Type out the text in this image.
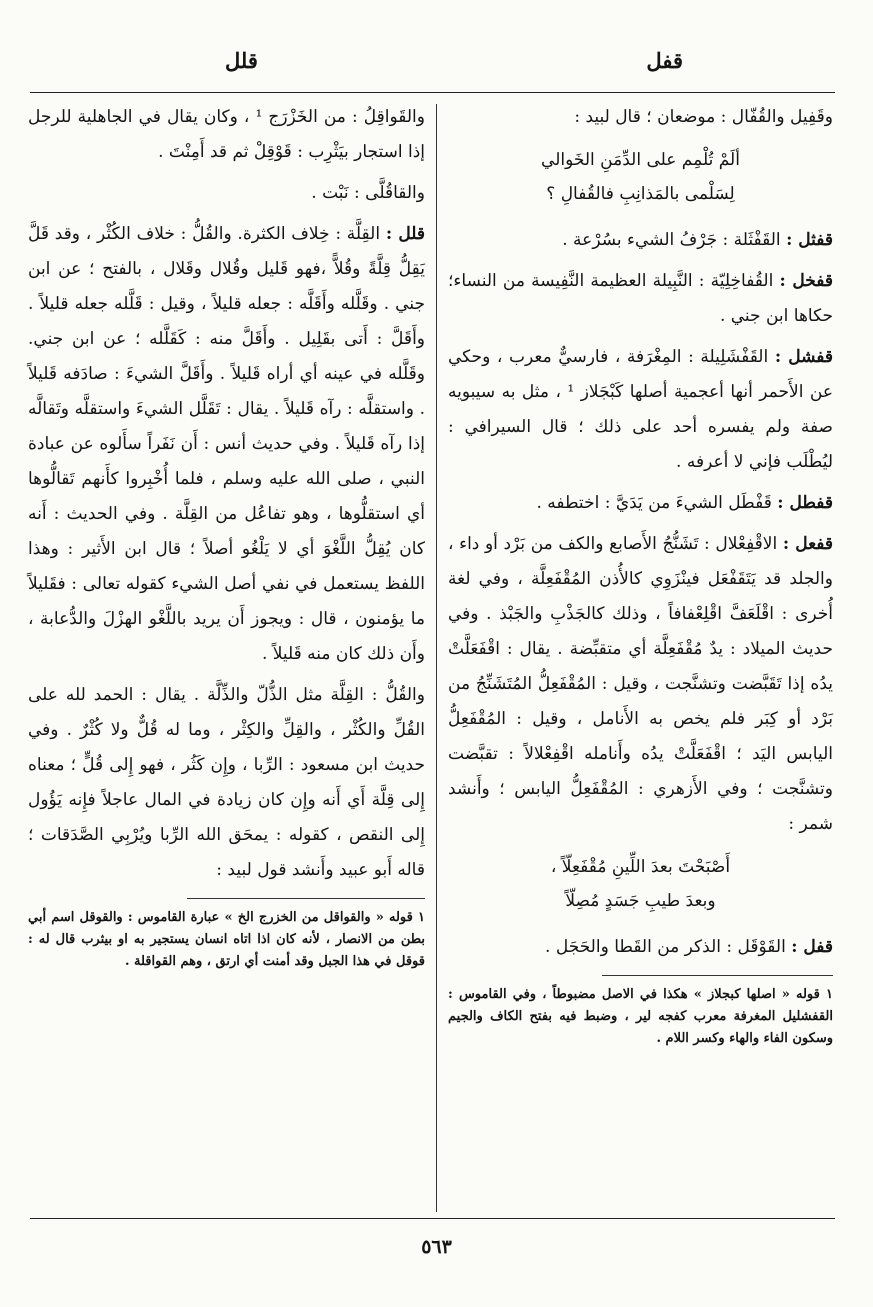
قفل
قلل
وقَفِيل والقُفّال : موضعان ؛ قال لبيد :
ألَمْ تُلْمِم على الدِّمَنِ الخَوالي
لِسَلْمى بالمَذانِبِ فالقُفالِ ؟
قفثل : القَفْثَلة : جَرْفُ الشيء بسُرْعة .
قفخل : القُفاخِلِيّة : النَّبِيلة العظيمة النَّفِيسة من النساء؛ حكاها ابن جني .
قفشل : القَفْشَلِيلة : المِغْرَفة ، فارسيٌّ معرب ، وحكي عن الأَحمر أنها أعجمية أصلها كَبْجَلاز ¹ ، مثل به سيبويه صفة ولم يفسره أحد على ذلك ؛ قال السيرافي : ليُطْلَب فإني لا أعرفه .
قفطل : قَفْطَل الشيءَ من يَدَيَّ : اختطفه .
قفعل : الاقْفِعْلال : تَشَنُّجُ الأَصابع والكف من بَرْد أو داء ، والجلد قد يَتَقَفْعَل فينْزَوِي كالأُذن المُقْفَعِلَّة ، وفي لغة أُخرى : اقْلَعَفَّ اقْلِعْفافاً ، وذلك كالجَذْبِ والجَبْذ . وفي حديث الميلاد : يدٌ مُقْفَعِلَّة أي متقبِّضة . يقال : اقْفَعَلَّتْ يدُه إذا تَقَبَّضت وتشنَّجت ، وقيل : المُقْفَعِلُّ المُتَشَنِّجُ من بَرْد أو كِبَر فلم يخص به الأَنامل ، وقيل : المُقْفَعِلُّ اليابس اليَد ؛ اقْفَعَلَّتْ يدُه وأَنامله اقْفِعْلالاً : تقبَّضت وتشنَّجت ؛ وفي الأَزهري : المُقْفَعِلُّ اليابس ؛ وأَنشد شمر :
أَصْبَحْتَ بعدَ اللِّينِ مُقْفَعِلّاً ،
وبعدَ طيبِ جَسَدٍ مُصِلّاً
قفل : القَوْقَل : الذكر من القَطا والحَجَل .
١ قوله « اصلها كبجلاز » هكذا في الاصل مضبوطاً ، وفي القاموس : القفشليل المغرفة معرب كفجه لير ، وضبط فيه بفتح الكاف والجيم وسكون الفاء والهاء وكسر اللام .
والقَواقِلُ : من الخَزْرَج ¹ ، وكان يقال في الجاهلية للرجل إذا استجار بيَثْرِب : قَوْقِلْ ثم قد أَمِنْتَ .
والقاقُلَّى : نَبْت .
قلل : القِلَّة : خِلاف الكثرة. والقُلُّ : خلاف الكُثْر ، وقد قَلَّ يَقِلُّ قِلَّةً وقُلاًّ ،فهو قَليل وقُلال وقَلال ، بالفتح ؛ عن ابن جني . وقَلَّله وأَقَلَّه : جعله قليلاً ، وقيل : قَلَّله جعله قليلاً . وأَقَلَّ : أَتى بقَلِيل . وأَقَلَّ منه : كَقَلَّله ؛ عن ابن جني. وقَلَّله في عينه أي أراه قَليلاً . وأَقَلَّ الشيءَ : صادَفه قَليلاً . واستقلَّه : رآه قَليلاً . يقال : تَقَلَّل الشيءَ واستقلَّه وتَقالَّه إذا رآه قَليلاً . وفي حديث أنس : أَن نَفَراً سأَلوه عن عبادة النبي ، صلى الله عليه وسلم ، فلما أُخْبِروا كأَنهم تَقالُّوها أي استقلُّوها ، وهو تفاعُل من القِلَّة . وفي الحديث : أَنه كان يُقِلُّ اللَّغْوَ أي لا يَلْغُو أصلاً ؛ قال ابن الأَثير : وهذا اللفظ يستعمل في نفي أصل الشيء كقوله تعالى : فقَليلاً ما يؤمنون ، قال : ويجوز أَن يريد باللَّغْو الهزْلَ والدُّعابة ، وأَن ذلك كان منه قَليلاً .
والقُلُّ : القِلَّة مثل الذُّلّ والذِّلَّة . يقال : الحمد لله على القُلِّ والكُثْر ، والقِلِّ والكِثْر ، وما له قُلٌّ ولا كُثْرٌ . وفي حديث ابن مسعود : الرِّبا ، وإِن كَثُر ، فهو إِلى قُلٍّ ؛ معناه إِلى قِلَّة أَي أَنه وإِن كان زيادة في المال عاجلاً فإِنه يَؤُول إِلى النقص ، كقوله : يمحَق الله الرِّبا ويُرْبِي الصَّدَقات ؛ قاله أَبو عبيد وأَنشد قول لبيد :
١ قوله « والقواقل من الخزرج الخ » عبارة القاموس : والقوقل اسم أبي بطن من الانصار ، لأنه كان اذا اتاه انسان يستجير به او بيثرب قال له : قوقل في هذا الجبل وقد أمنت أي ارتق ، وهم القواقلة .
٥٦٣
